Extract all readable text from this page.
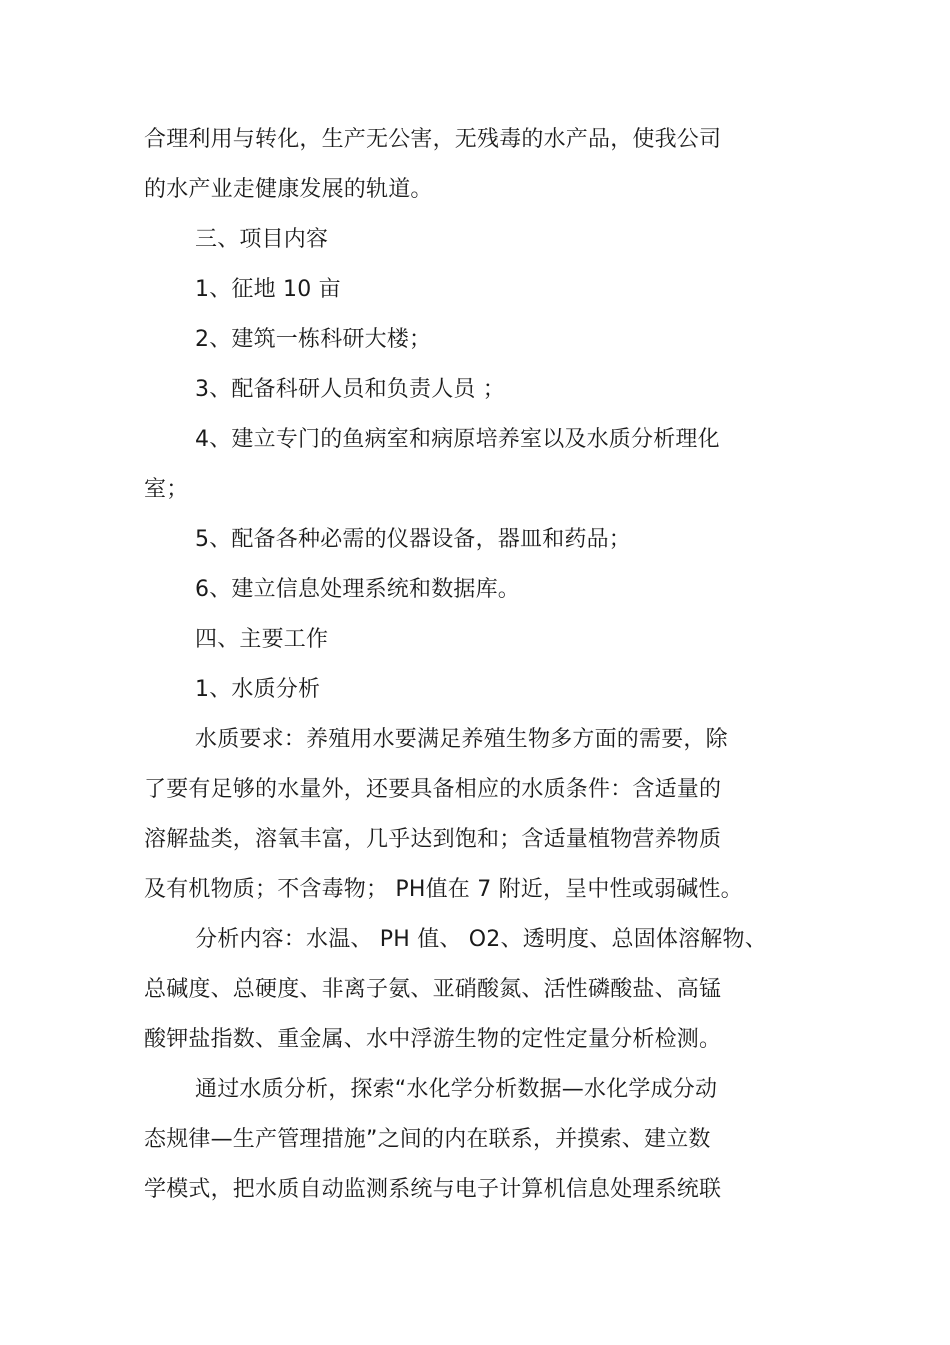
合理利用与转化，生产无公害，无残毒的水产品，使我公司

的水产业走健康发展的轨道。

三、项目内容

1、征地 10 亩

2、建筑一栋科研大楼；

3、配备科研人员和负责人员 ；

4、建立专门的鱼病室和病原培养室以及水质分析理化

室；

5、配备各种必需的仪器设备，器皿和药品；

6、建立信息处理系统和数据库。

四、主要工作

1、水质分析

水质要求：养殖用水要满足养殖生物多方面的需要，除

了要有足够的水量外，还要具备相应的水质条件：含适量的

溶解盐类，溶氧丰富，几乎达到饱和；含适量植物营养物质

及有机物质；不含毒物； PH值在 7 附近，呈中性或弱碱性。

分析内容：水温、 PH 值、 O2、透明度、总固体溶解物、

总碱度、总硬度、非离子氨、亚硝酸氮、活性磷酸盐、高锰

酸钾盐指数、重金属、水中浮游生物的定性定量分析检测。

通过水质分析，探索“水化学分析数据—水化学成分动

态规律—生产管理措施”之间的内在联系，并摸索、建立数

学模式，把水质自动监测系统与电子计算机信息处理系统联
